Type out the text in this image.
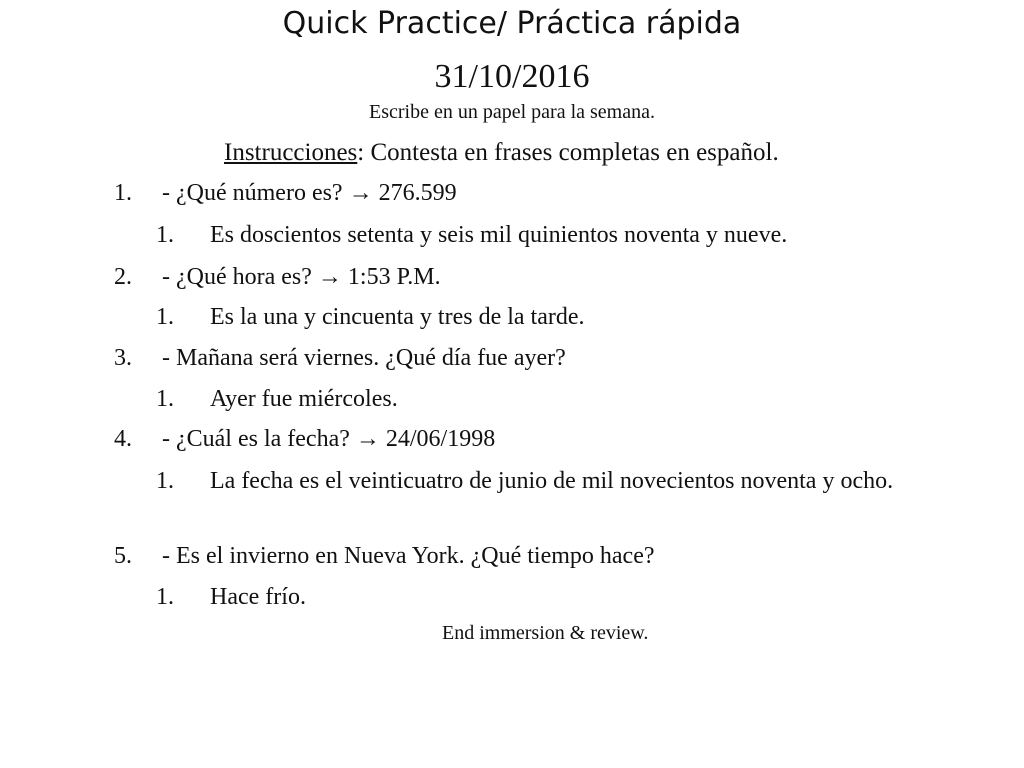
Quick Practice/ Práctica rápida
31/10/2016
Escribe en un papel para la semana.
Instrucciones: Contesta en frases completas en español.
1. - ¿Qué número es? → 276.599
1. Es doscientos setenta y seis mil quinientos noventa y nueve.
2. - ¿Qué hora es? → 1:53 P.M.
1. Es la una y cincuenta y tres de la tarde.
3. - Mañana será viernes. ¿Qué día fue ayer?
1. Ayer fue miércoles.
4. - ¿Cuál es la fecha? → 24/06/1998
1. La fecha es el veinticuatro de junio de mil novecientos noventa y ocho.
5. - Es el invierno en Nueva York. ¿Qué tiempo hace?
1. Hace frío.
End immersion & review.
